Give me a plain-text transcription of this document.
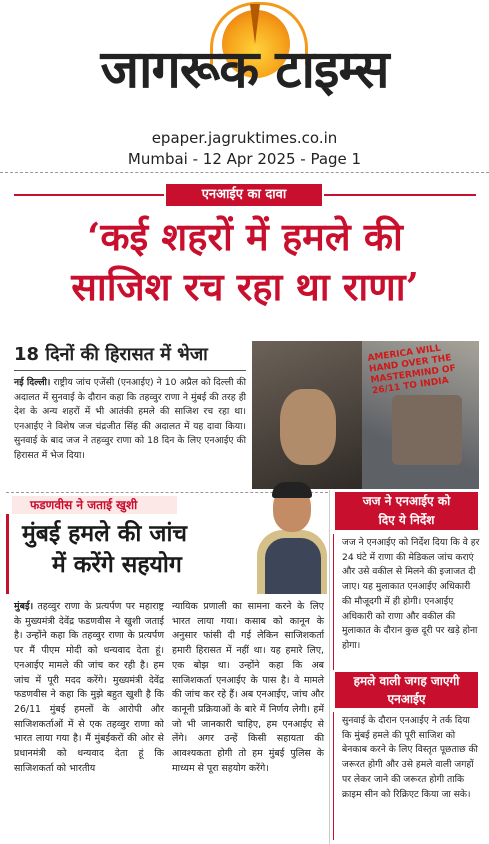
जागरूक टाइम्स
epaper.jagruktimes.co.in
Mumbai - 12 Apr 2025 - Page 1
एनआईए का दावा
‘कई शहरों में हमले की
साजिश रच रहा था राणा’
18 दिनों की हिरासत में भेजा
नई दिल्ली। राष्ट्रीय जांच एजेंसी (एनआईए) ने 10 अप्रैल को दिल्ली की अदालत में सुनवाई के दौरान कहा कि तहव्वुर राणा ने मुंबई की तरह ही देश के अन्य शहरों में भी आतंकी हमले की साजिश रच रहा था। एनआईए ने विशेष जज चंद्रजीत सिंह की अदालत में यह दावा किया। सुनवाई के बाद जज ने तहव्वुर राणा को 18 दिन के लिए एनआईए की हिरासत में भेज दिया।
AMERICA WILL HAND OVER THE MASTERMIND OF 26/11 TO INDIA
फडणवीस ने जताई खुशी
मुंबई हमले की जांच
में करेंगे सहयोग
मुंबई। तहव्वुर राणा के प्रत्यर्पण पर महाराष्ट्र के मुख्यमंत्री देवेंद्र फडणवीस ने खुशी जताई है। उन्होंने कहा कि तहव्वुर राणा के प्रत्यर्पण पर मैं पीएम मोदी को धन्यवाद देता हूं। एनआईए मामले की जांच कर रही है। हम जांच में पूरी मदद करेंगे। मुख्यमंत्री देवेंद्र फडणवीस ने कहा कि मुझे बहुत खुशी है कि 26/11 मुंबई हमलों के आरोपी और साजिशकर्ताओं में से एक तहव्वुर राणा को भारत लाया गया है। मैं मुंबईकरों की ओर से प्रधानमंत्री को धन्यवाद देता हूं कि साजिशकर्ता को भारतीय
न्यायिक प्रणाली का सामना करने के लिए भारत लाया गया। कसाब को कानून के अनुसार फांसी दी गई लेकिन साजिशकर्ता हमारी हिरासत में नहीं था। यह हमारे लिए, एक बोझ था। उन्होंने कहा कि अब साजिशकर्ता एनआईए के पास है। वे मामले की जांच कर रहे हैं। अब एनआईए, जांच और कानूनी प्रक्रियाओं के बारे में निर्णय लेगी। हमें जो भी जानकारी चाहिए, हम एनआईए से लेंगे। अगर उन्हें किसी सहायता की आवश्यकता होगी तो हम मुंबई पुलिस के माध्यम से पूरा सहयोग करेंगे।
जज ने एनआईए को
दिए ये निर्देश
जज ने एनआईए को निर्देश दिया कि वे हर 24 घंटे में राणा की मेडिकल जांच कराएं और उसे वकील से मिलने की इजाजत दी जाए। यह मुलाकात एनआईए अधिकारी की मौजूदगी में ही होगी। एनआईए अधिकारी को राणा और वकील की मुलाकात के दौरान कुछ दूरी पर खड़े होना होगा।
हमले वाली जगह जाएगी
एनआईए
सुनवाई के दौरान एनआईए ने तर्क दिया कि मुंबई हमले की पूरी साजिश को बेनकाब करने के लिए विस्तृत पूछताछ की जरूरत होगी और उसे हमले वाली जगहों पर लेकर जाने की जरूरत होगी ताकि क्राइम सीन को रिक्रिएट किया जा सके।
